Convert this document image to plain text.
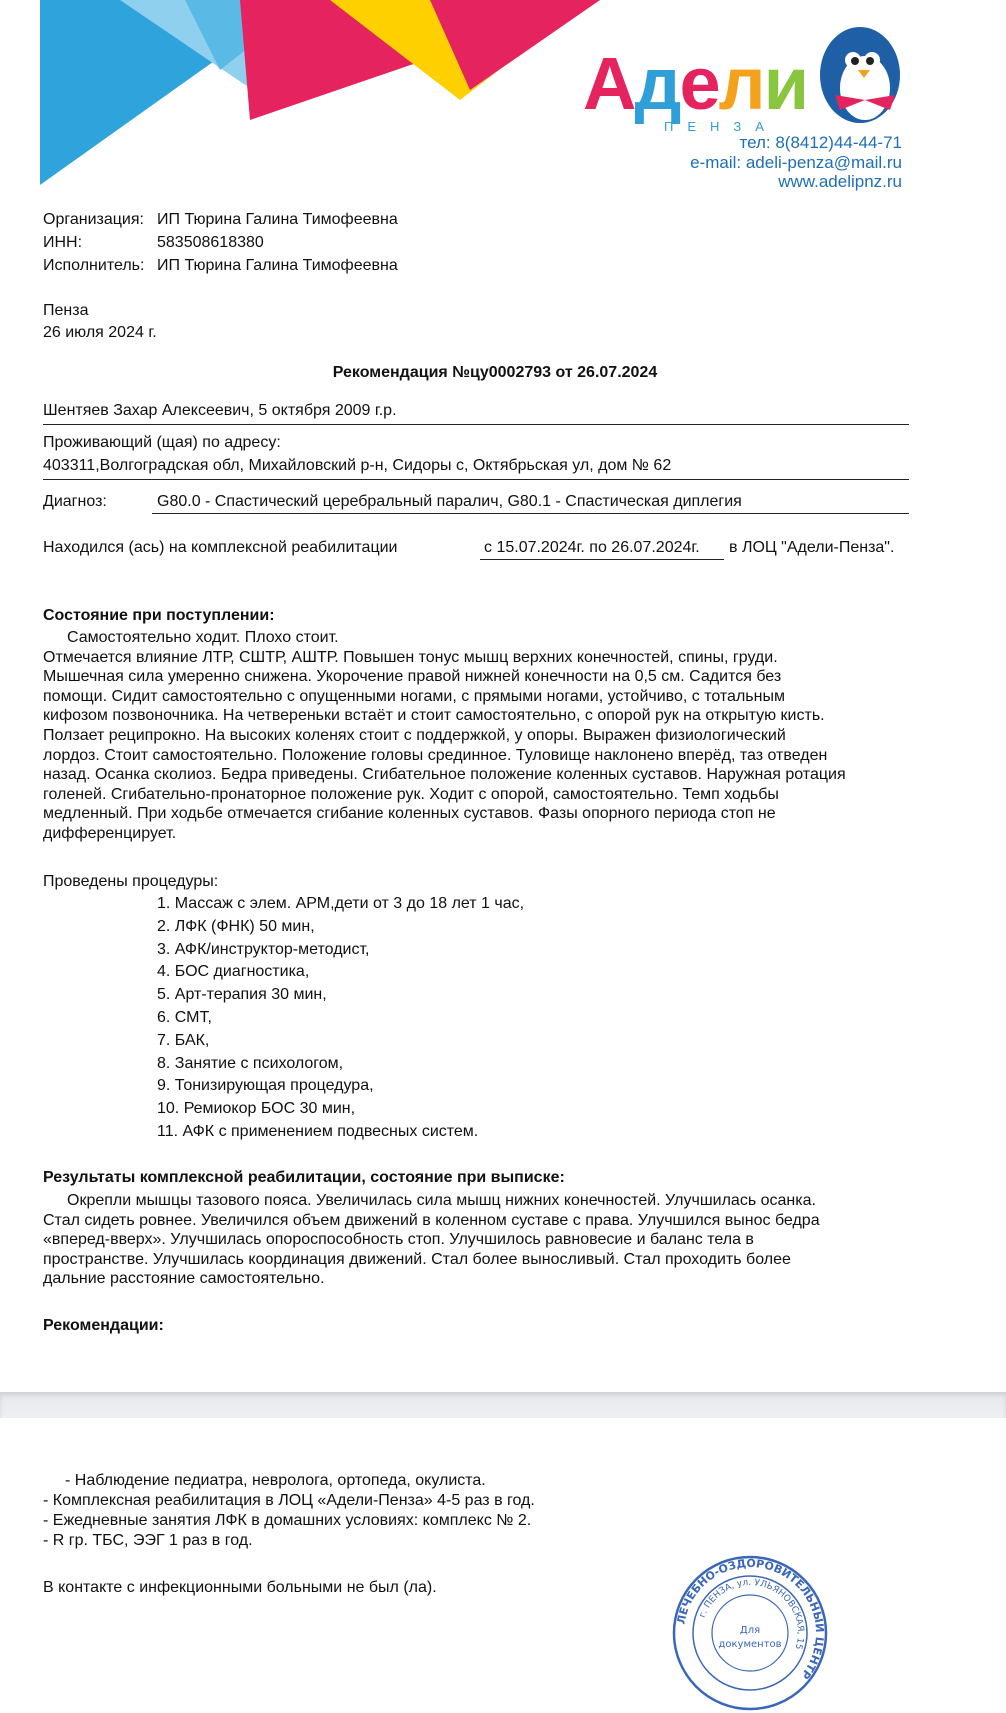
Адели
ПЕНЗА
тел: 8(8412)44-44-71
e-mail: adeli-penza@mail.ru
www.adelipnz.ru
Организация: ИП Тюрина Галина Тимофеевна
ИНН:	583508618380
Исполнитель: ИП Тюрина Галина Тимофеевна
Пенза
26 июля 2024 г.
Рекомендация №цу0002793 от 26.07.2024
Шентяев Захар Алексеевич, 5 октября 2009 г.р.
Проживающий (щая) по адресу:
403311,Волгоградская обл, Михайловский р-н, Сидоры с, Октябрьская ул, дом № 62
Диагноз:	G80.0 - Спастический церебральный паралич, G80.1 - Спастическая диплегия
Находился (ась) на комплексной реабилитации	с 15.07.2024г. по 26.07.2024г. в ЛОЦ "Адели-Пенза".
Состояние при поступлении:

Самостоятельно ходит. Плохо стоит.

Отмечается влияние ЛТР, СШТР, АШТР. Повышен тонус мышц верхних конечностей, спины, груди.

Мышечная сила умеренно снижена. Укорочение правой нижней конечности на 0,5 см. Садится без

помощи. Сидит самостоятельно с опущенными ногами, с прямыми ногами, устойчиво, с тотальным

кифозом позвоночника. На четвереньки встаёт и стоит самостоятельно, с опорой рук на открытую кисть.

Ползает реципрокно. На высоких коленях стоит с поддержкой, у опоры. Выражен физиологический

лордоз. Стоит самостоятельно. Положение головы срединное. Туловище наклонено вперёд, таз отведен

назад. Осанка сколиоз. Бедра приведены. Сгибательное положение коленных суставов. Наружная ротация

голеней. Сгибательно-пронаторное положение рук. Ходит с опорой, самостоятельно. Темп ходьбы

медленный. При ходьбе отмечается сгибание коленных суставов. Фазы опорного периода стоп не

дифференцирует.

Проведены процедуры:
1. Массаж с элем. АРМ,дети от 3 до 18 лет 1 час,
2. ЛФК (ФНК) 50 мин,
3. АФК/инструктор-методист,
4. БОС диагностика,
5. Арт-терапия 30 мин,
6. СМТ,
7. БАК,
8. Занятие с психологом,
9. Тонизирующая процедура,
10. Ремиокор БОС 30 мин,
11. АФК с применением подвесных систем.
Результаты комплексной реабилитации, состояние при выписке:

Окрепли мышцы тазового пояса. Увеличилась сила мышц нижних конечностей. Улучшилась осанка.

Стал сидеть ровнее. Увеличился объем движений в коленном суставе с права. Улучшился вынос бедра

«вперед-вверх». Улучшилась опороспособность стоп. Улучшилось равновесие и баланс тела в

пространстве. Улучшилась координация движений. Стал более выносливый. Стал проходить более

дальние расстояние самостоятельно.

Рекомендации:
- Наблюдение педиатра, невролога, ортопеда, окулиста.
- Комплексная реабилитация в ЛОЦ «Адели-Пенза» 4-5 раз в год.
- Ежедневные занятия ЛФК в домашних условиях: комплекс № 2.
- R гр. ТБС, ЭЭГ 1 раз в год.
В контакте с инфекционными больными не был (ла).
ЛЕЧЕБНО-ОЗДОРОВИТЕЛЬНЫЙ ЦЕНТР
г. ПЕНЗА, ул. УЛЬЯНОВСКАЯ, 15
Для
документов
